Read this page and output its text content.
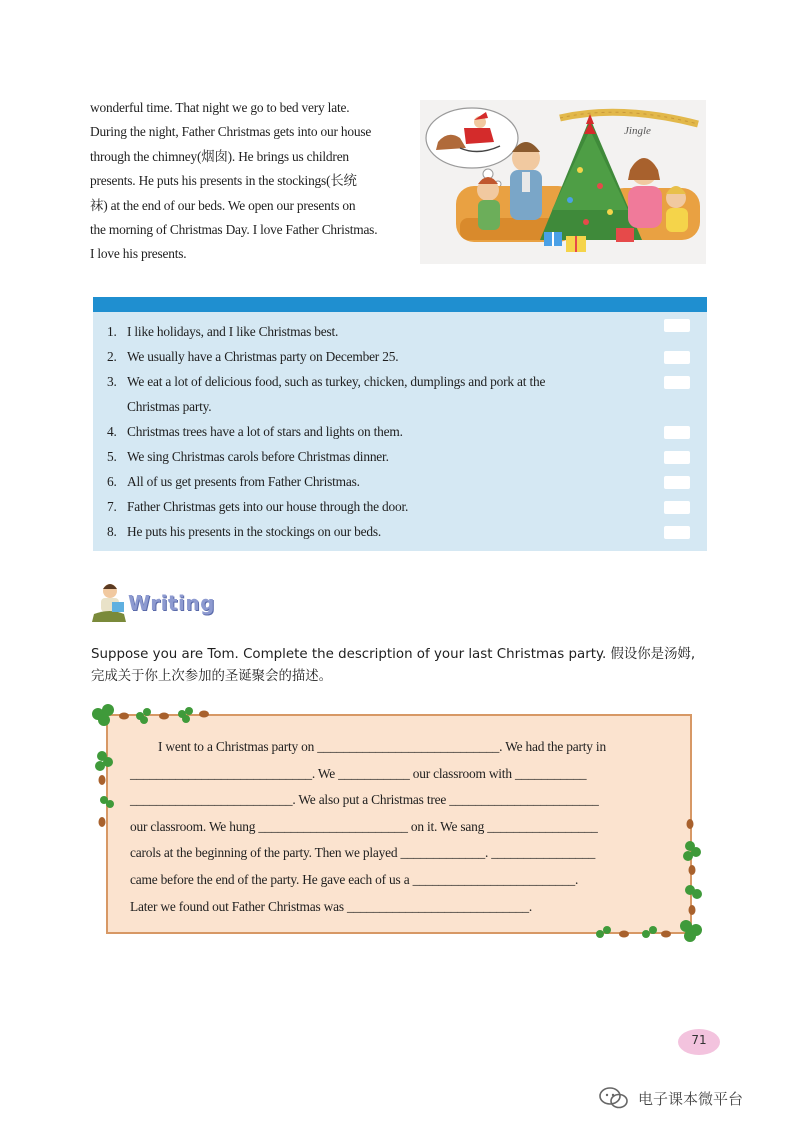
wonderful time. That night we go to bed very late.

During the night, Father Christmas gets into our house

through the chimney(烟囱). He brings us children

presents. He puts his presents in the stockings(长统

袜) at the end of our beds. We open our presents on

the morning of Christmas Day. I love Father Christmas.

I love his presents.

Jingle
1. I like holidays, and I like Christmas best.
2. We usually have a Christmas party on December 25.
3. We eat a lot of delicious food, such as turkey, chicken, dumplings and pork at the
Christmas party.
4. Christmas trees have a lot of stars and lights on them.
5. We sing Christmas carols before Christmas dinner.
6. All of us get presents from Father Christmas.
7. Father Christmas gets into our house through the door.
8. He puts his presents in the stockings on our beds.
Writing
Suppose you are Tom. Complete the description of your last Christmas party. 假设你是汤姆,
完成关于你上次参加的圣诞聚会的描述。

I went to a Christmas party on ____________________________. We had the party in

____________________________. We ___________ our classroom with ___________

_________________________. We also put a Christmas tree _______________________

our classroom. We hung _______________________ on it. We sang _________________

carols at the beginning of the party. Then we played _____________. ________________

came before the end of the party. He gave each of us a _________________________.

Later we found out Father Christmas was ____________________________.

71
电子课本微平台
